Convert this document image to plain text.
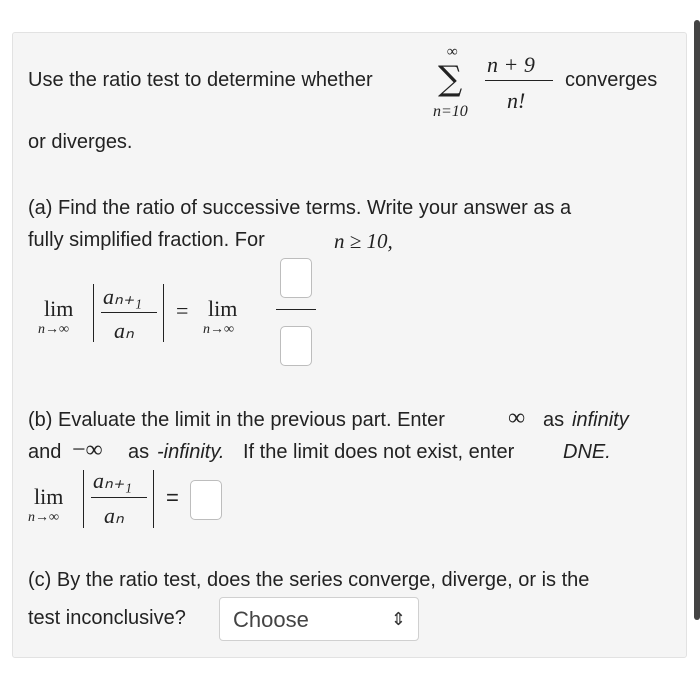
Use the ratio test to determine whether
∞
∑
n=10
n + 9
n!
converges
or diverges.
(a) Find the ratio of successive terms. Write your answer as a
fully simplified fraction. For	n ≥ 10,
lim
n→∞
aₙ₊₁
aₙ
= lim
n→∞
(b) Evaluate the limit in the previous part. Enter	∞ as infinity
and −∞ as -infinity. If the limit does not exist, enter DNE.
lim
n→∞
aₙ₊₁
aₙ
=
(c) By the ratio test, does the series converge, diverge, or is the
test inconclusive? Choose	⇕
